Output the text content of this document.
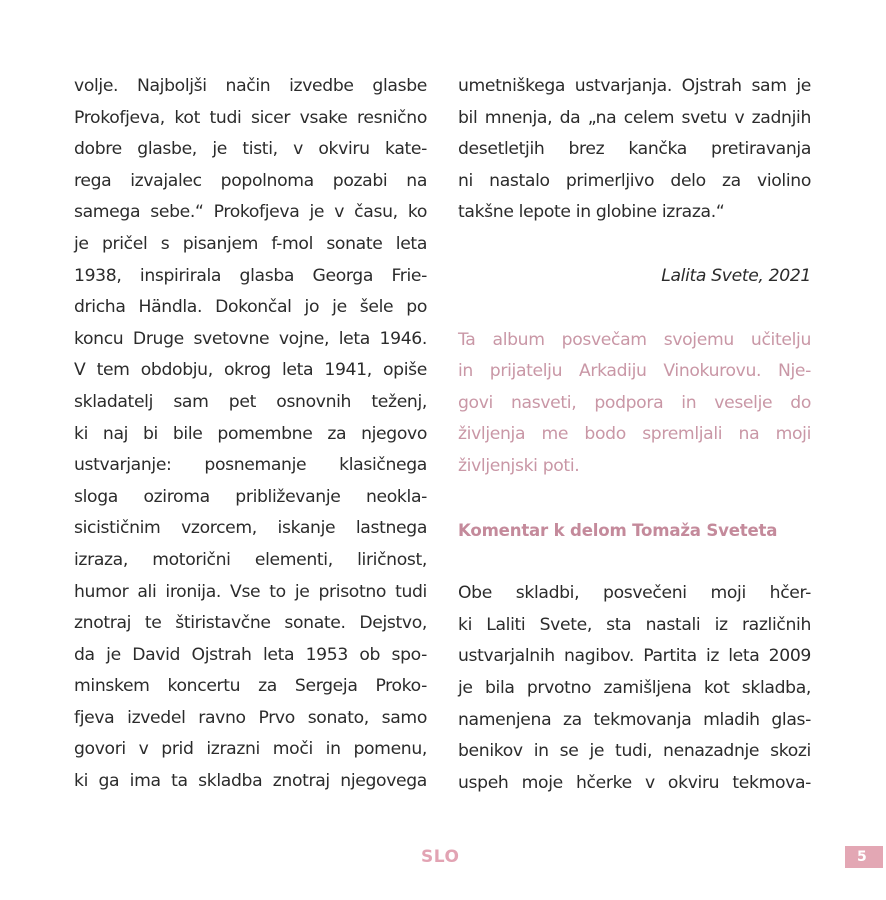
volje. Najboljši način izvedbe glasbe
Prokofjeva, kot tudi sicer vsake resnično
dobre glasbe, je tisti, v okviru kate-
rega izvajalec popolnoma pozabi na
samega sebe.“ Prokofjeva je v času, ko
je pričel s pisanjem f-mol sonate leta
1938, inspirirala glasba Georga Frie-
dricha Händla. Dokončal jo je šele po
koncu Druge svetovne vojne, leta 1946.
V tem obdobju, okrog leta 1941, opiše
skladatelj sam pet osnovnih teženj,
ki naj bi bile pomembne za njegovo
ustvarjanje: posnemanje klasičnega
sloga oziroma približevanje neokla-
sicističnim vzorcem, iskanje lastnega
izraza, motorični elementi, liričnost,
humor ali ironija. Vse to je prisotno tudi
znotraj te štiristavčne sonate. Dejstvo,
da je David Ojstrah leta 1953 ob spo-
minskem koncertu za Sergeja Proko-
fjeva izvedel ravno Prvo sonato, samo
govori v prid izrazni moči in pomenu,
ki ga ima ta skladba znotraj njegovega
umetniškega ustvarjanja. Ojstrah sam je
bil mnenja, da „na celem svetu v zadnjih
desetletjih brez kančka pretiravanja
ni nastalo primerljivo delo za violino
takšne lepote in globine izraza.“
Lalita Svete, 2021
Ta album posvečam svojemu učitelju
in prijatelju Arkadiju Vinokurovu. Nje-
govi nasveti, podpora in veselje do
življenja me bodo spremljali na moji
življenjski poti.
Komentar k delom Tomaža Sveteta
Obe skladbi, posvečeni moji hčer-
ki Laliti Svete, sta nastali iz različnih
ustvarjalnih nagibov. Partita iz leta 2009
je bila prvotno zamišljena kot skladba,
namenjena za tekmovanja mladih glas-
benikov in se je tudi, nenazadnje skozi
uspeh moje hčerke v okviru tekmova-
SLO	5
